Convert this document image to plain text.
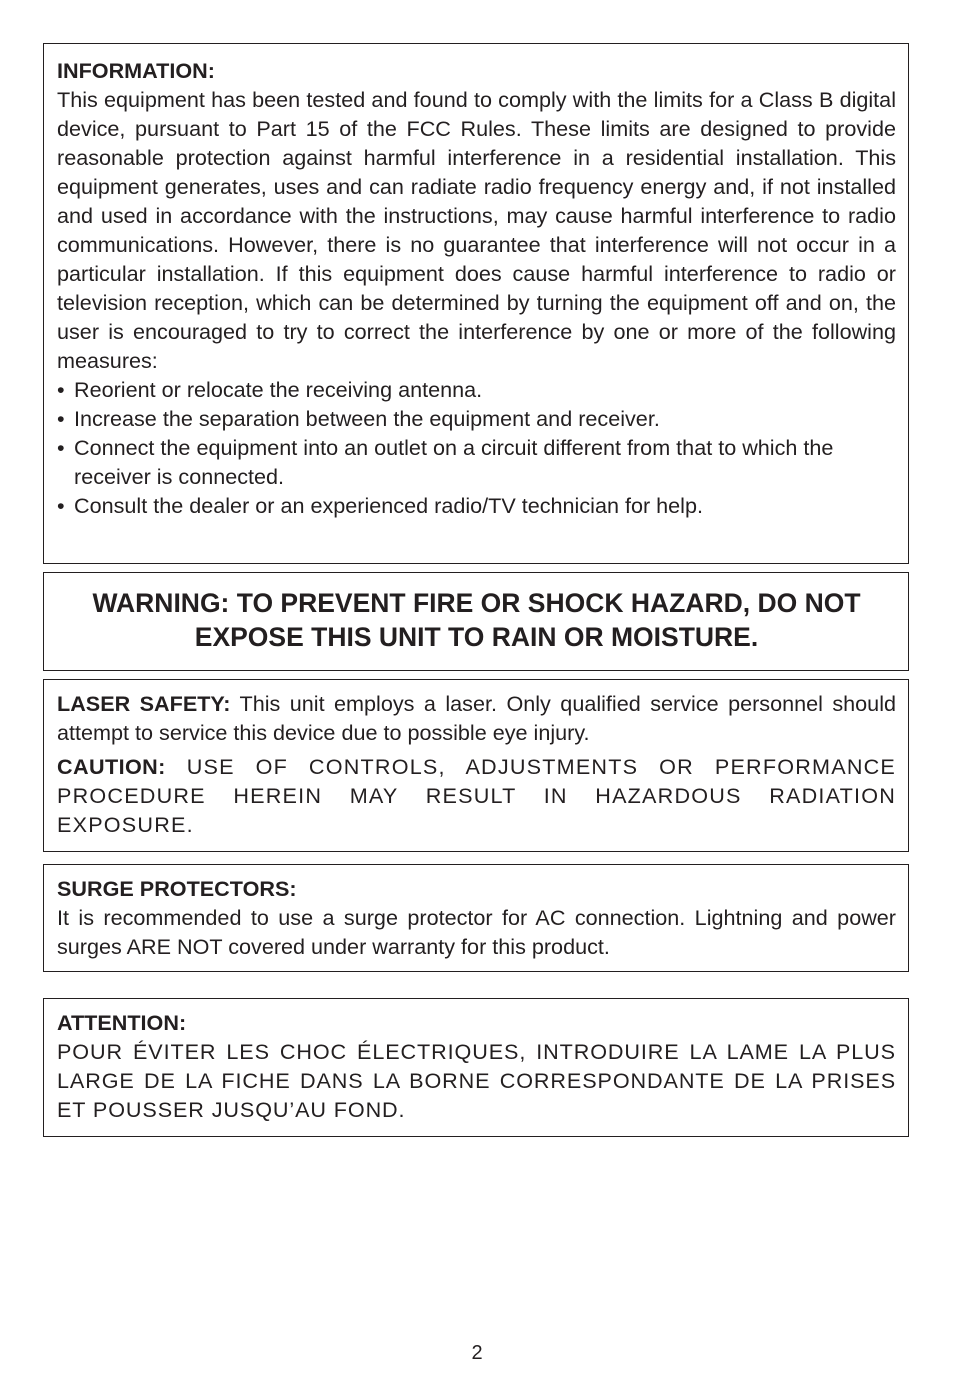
INFORMATION:

This equipment has been tested and found to comply with the limits for a Class B digital device, pursuant to Part 15 of the FCC Rules. These limits are designed to provide reasonable protection against harmful interference in a residential installation. This equipment generates, uses and can radiate radio frequency energy and, if not installed and used in accordance with the instructions, may cause harmful interference to radio communications. However, there is no guarantee that interference will not occur in a particular installation. If this equipment does cause harmful interference to radio or television reception, which can be determined by turning the equipment off and on, the user is encouraged to try to correct the interference by one or more of the following measures:

• Reorient or relocate the receiving antenna.
• Increase the separation between the equipment and receiver.
• Connect the equipment into an outlet on a circuit different from that to which the receiver is connected.
• Consult the dealer or an experienced radio/TV technician for help.
WARNING: TO PREVENT FIRE OR SHOCK HAZARD, DO NOT
EXPOSE THIS UNIT TO RAIN OR MOISTURE.

LASER SAFETY: This unit employs a laser. Only qualified service personnel should attempt to service this device due to possible eye injury.

CAUTION: USE OF CONTROLS, ADJUSTMENTS OR PERFORMANCE PROCEDURE HEREIN MAY RESULT IN HAZARDOUS RADIATION EXPOSURE.

SURGE PROTECTORS:

It is recommended to use a surge protector for AC connection. Lightning and power surges ARE NOT covered under warranty for this product.

ATTENTION:

POUR ÉVITER LES CHOC ÉLECTRIQUES, INTRODUIRE LA LAME LA PLUS LARGE DE LA FICHE DANS LA BORNE CORRESPONDANTE DE LA PRISES ET POUSSER JUSQU’AU FOND.

2
